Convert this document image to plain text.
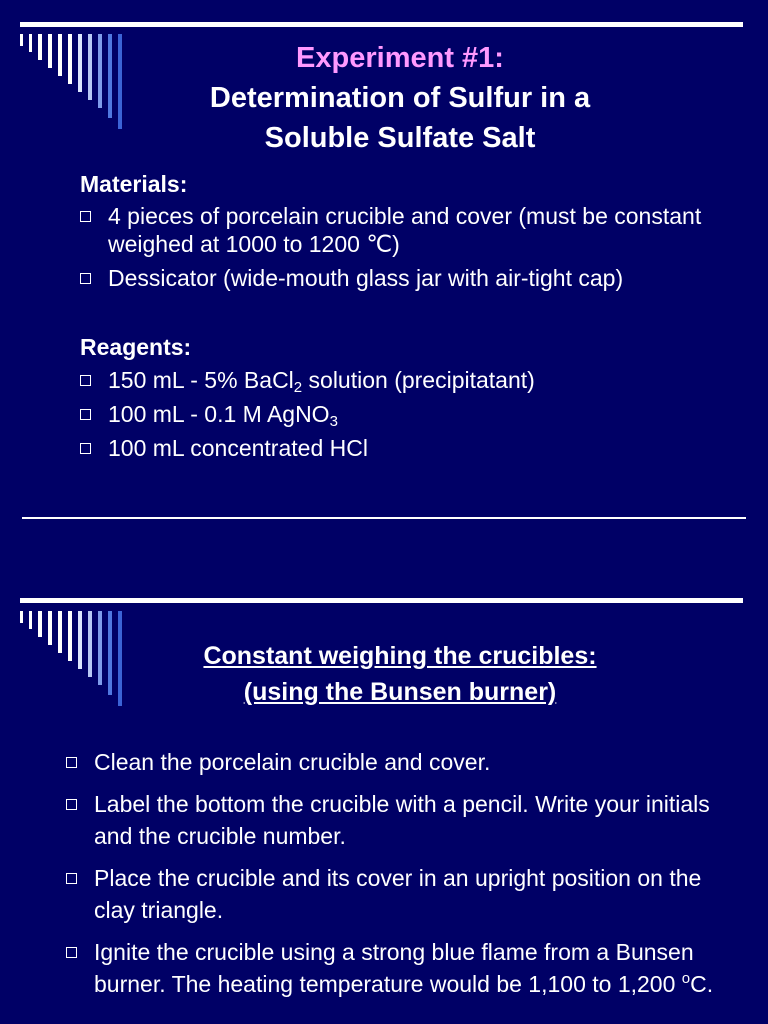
Experiment #1:
Determination of Sulfur in a
Soluble Sulfate Salt
Materials:
4 pieces of porcelain crucible and cover (must be constant weighed at 1000 to 1200 ℃)
Dessicator (wide-mouth glass jar with air-tight cap)
Reagents:
150 mL - 5% BaCl$_2$ solution (precipitatant)
100 mL - 0.1 M AgNO$_3$
100 mL concentrated HCl
Constant weighing the crucibles:
(using the Bunsen burner)
Clean the porcelain crucible and cover.
Label the bottom the crucible with a pencil. Write your initials and the crucible number.
Place the crucible and its cover in an upright position on the clay triangle.
Ignite the crucible using a strong blue flame from a Bunsen burner. The heating temperature would be 1,100 to 1,200 $^o$C.
